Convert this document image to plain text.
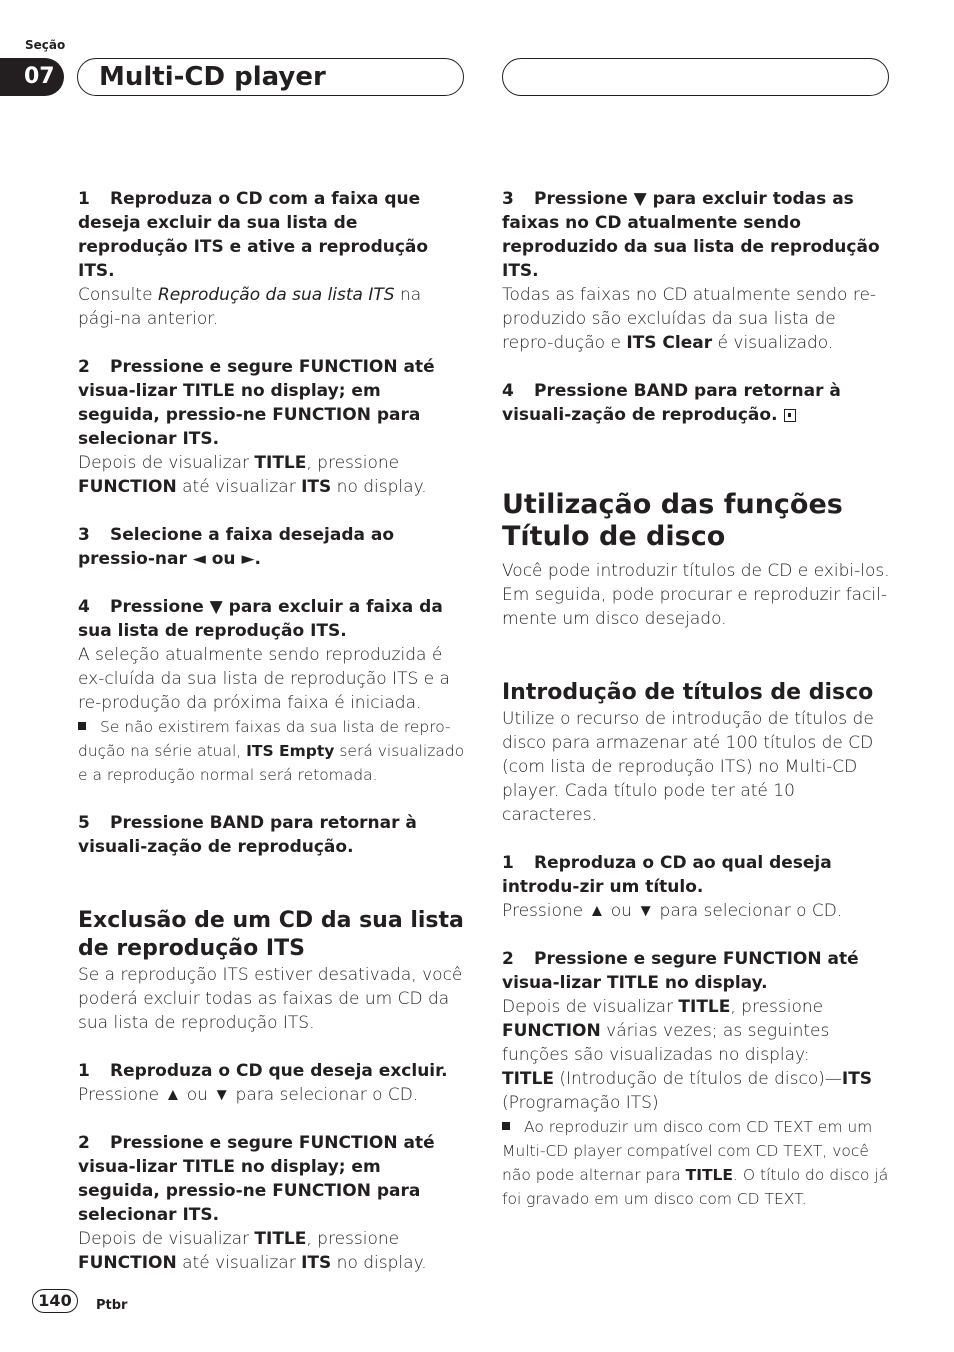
Seção
07	Multi-CD player

1 Reproduza o CD com a faixa que deseja excluir da sua lista de reprodução ITS e ative a reprodução ITS.

Consulte Reprodução da sua lista ITS na pági-na anterior.

2 Pressione e segure FUNCTION até visua-lizar TITLE no display; em seguida, pressio-ne FUNCTION para selecionar ITS.

Depois de visualizar TITLE, pressione
FUNCTION até visualizar ITS no display.

3 Selecione a faixa desejada ao pressio-nar ◄ ou ►.

4 Pressione ▼ para excluir a faixa da sua lista de reprodução ITS.

A seleção atualmente sendo reproduzida é ex-cluída da sua lista de reprodução ITS e a re-produção da próxima faixa é iniciada.

Se não existirem faixas da sua lista de repro-dução na série atual, ITS Empty será visualizado e a reprodução normal será retomada.

5 Pressione BAND para retornar à visuali-zação de reprodução.

Exclusão de um CD da sua lista de reprodução ITS

Se a reprodução ITS estiver desativada, você poderá excluir todas as faixas de um CD da sua lista de reprodução ITS.

1 Reproduza o CD que deseja excluir.

Pressione ▲ ou ▼ para selecionar o CD.

2 Pressione e segure FUNCTION até visua-lizar TITLE no display; em seguida, pressio-ne FUNCTION para selecionar ITS.

Depois de visualizar TITLE, pressione
FUNCTION até visualizar ITS no display.

3 Pressione ▼ para excluir todas as faixas no CD atualmente sendo reproduzido da sua lista de reprodução ITS.

Todas as faixas no CD atualmente sendo re-produzido são excluídas da sua lista de repro-dução e ITS Clear é visualizado.

4 Pressione BAND para retornar à visuali-zação de reprodução.

Utilização das funções Título de disco

Você pode introduzir títulos de CD e exibi-los. Em seguida, pode procurar e reproduzir facil-mente um disco desejado.

Introdução de títulos de disco

Utilize o recurso de introdução de títulos de disco para armazenar até 100 títulos de CD (com lista de reprodução ITS) no Multi-CD player. Cada título pode ter até 10 caracteres.

1 Reproduza o CD ao qual deseja introdu-zir um título.

Pressione ▲ ou ▼ para selecionar o CD.

2 Pressione e segure FUNCTION até visua-lizar TITLE no display.

Depois de visualizar TITLE, pressione
FUNCTION várias vezes; as seguintes funções são visualizadas no display:
TITLE (Introdução de títulos de disco)—ITS
(Programação ITS)

Ao reproduzir um disco com CD TEXT em um Multi-CD player compatível com CD TEXT, você não pode alternar para TITLE. O título do disco já foi gravado em um disco com CD TEXT.

140	Ptbr
